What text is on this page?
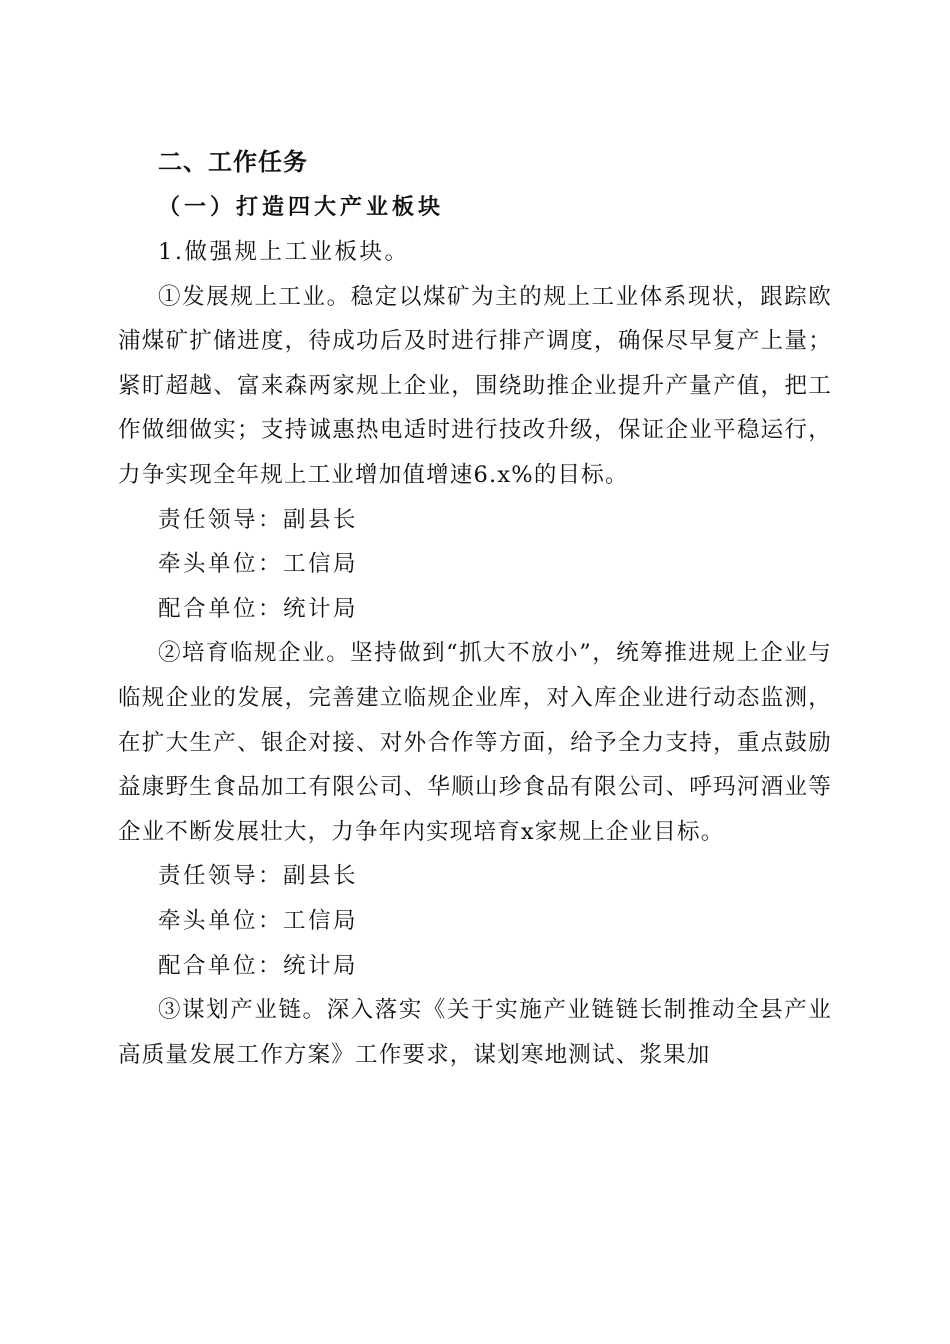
二、工作任务
（一）打造四大产业板块
1.做强规上工业板块。

①发展规上工业。稳定以煤矿为主的规上工业体系现状，跟踪欧浦煤矿扩储进度，待成功后及时进行排产调度，确保尽早复产上量；紧盯超越、富来森两家规上企业，围绕助推企业提升产量产值，把工作做细做实；支持诚惠热电适时进行技改升级，保证企业平稳运行，力争实现全年规上工业增加值增速6.x%的目标。

责任领导：副县长
牵头单位：工信局
配合单位：统计局

②培育临规企业。坚持做到“抓大不放小”，统筹推进规上企业与临规企业的发展，完善建立临规企业库，对入库企业进行动态监测，在扩大生产、银企对接、对外合作等方面，给予全力支持，重点鼓励益康野生食品加工有限公司、华顺山珍食品有限公司、呼玛河酒业等企业不断发展壮大，力争年内实现培育x家规上企业目标。

责任领导：副县长
牵头单位：工信局
配合单位：统计局

③谋划产业链。深入落实《关于实施产业链链长制推动全县产业高质量发展工作方案》工作要求，谋划寒地测试、浆果加
